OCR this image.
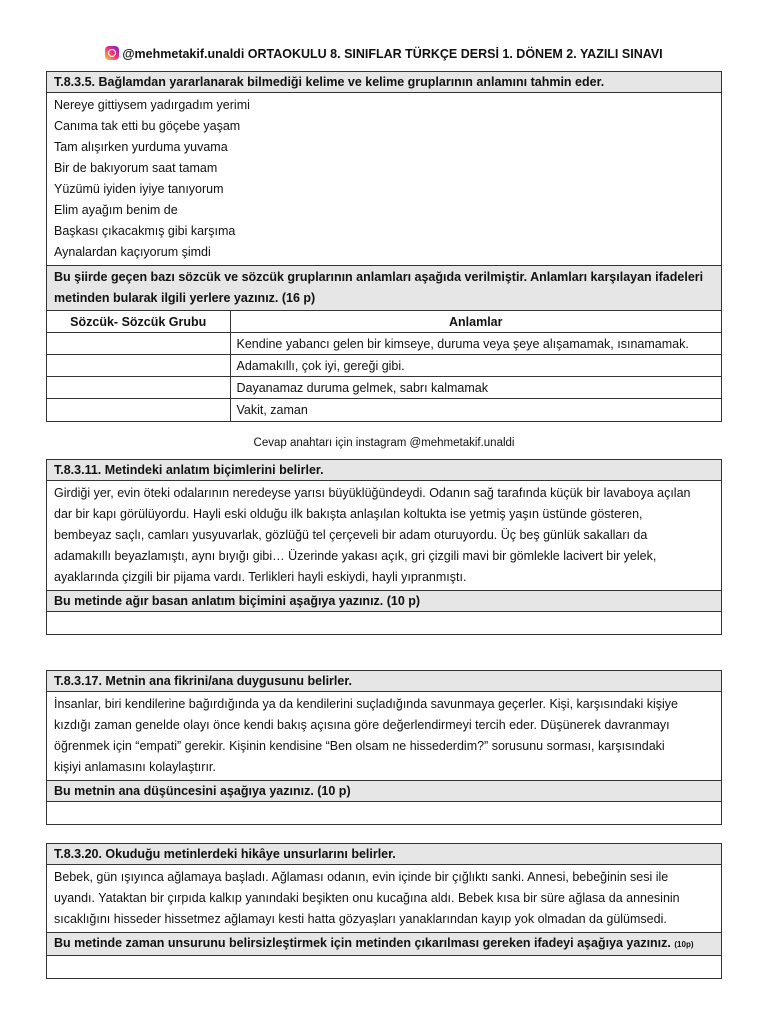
@mehmetakif.unaldi ORTAOKULU 8. SINIFLAR TÜRKÇE DERSİ 1. DÖNEM 2. YAZILI SINAVI
T.8.3.5. Bağlamdan yararlanarak bilmediği kelime ve kelime gruplarının anlamını tahmin eder.
Nereye gittiysem yadırgadım yerimi
Canıma tak etti bu göçebe yaşam
Tam alışırken yurduma yuvama
Bir de bakıyorum saat tamam
Yüzümü iyiden iyiye tanıyorum
Elim ayağım benim de
Başkası çıkacakmış gibi karşıma
Aynalardan kaçıyorum şimdi
Bu şiirde geçen bazı sözcük ve sözcük gruplarının anlamları aşağıda verilmiştir. Anlamları karşılayan ifadeleri metinden bularak ilgili yerlere yazınız. (16 p)
Sözcük- Sözcük Grubu	Anlamlar
	Kendine yabancı gelen bir kimseye, duruma veya şeye alışamamak, ısınamamak.
	Adamakıllı, çok iyi, gereği gibi.
	Dayanamaz duruma gelmek, sabrı kalmamak
	Vakit, zaman
Cevap anahtarı için instagram @mehmetakif.unaldi
T.8.3.11. Metindeki anlatım biçimlerini belirler.
Girdiği yer, evin öteki odalarının neredeyse yarısı büyüklüğündeydi. Odanın sağ tarafında küçük bir lavaboya açılan
dar bir kapı görülüyordu. Hayli eski olduğu ilk bakışta anlaşılan koltukta ise yetmiş yaşın üstünde gösteren,
bembeyaz saçlı, camları yusyuvarlak, gözlüğü tel çerçeveli bir adam oturuyordu. Üç beş günlük sakalları da
adamakıllı beyazlamıştı, aynı bıyığı gibi… Üzerinde yakası açık, gri çizgili mavi bir gömlekle lacivert bir yelek,
ayaklarında çizgili bir pijama vardı. Terlikleri hayli eskiydi, hayli yıpranmıştı.
Bu metinde ağır basan anlatım biçimini aşağıya yazınız. (10 p)
T.8.3.17. Metnin ana fikrini/ana duygusunu belirler.
İnsanlar, biri kendilerine bağırdığında ya da kendilerini suçladığında savunmaya geçerler. Kişi, karşısındaki kişiye
kızdığı zaman genelde olayı önce kendi bakış açısına göre değerlendirmeyi tercih eder. Düşünerek davranmayı
öğrenmek için “empati” gerekir. Kişinin kendisine “Ben olsam ne hissederdim?” sorusunu sorması, karşısındaki
kişiyi anlamasını kolaylaştırır.
Bu metnin ana düşüncesini aşağıya yazınız. (10 p)
T.8.3.20. Okuduğu metinlerdeki hikâye unsurlarını belirler.
Bebek, gün ışıyınca ağlamaya başladı. Ağlaması odanın, evin içinde bir çığlıktı sanki. Annesi, bebeğinin sesi ile
uyandı. Yataktan bir çırpıda kalkıp yanındaki beşikten onu kucağına aldı. Bebek kısa bir süre ağlasa da annesinin
sıcaklığını hisseder hissetmez ağlamayı kesti hatta gözyaşları yanaklarından kayıp yok olmadan da gülümsedi.
Bu metinde zaman unsurunu belirsizleştirmek için metinden çıkarılması gereken ifadeyi aşağıya yazınız. (10p)
